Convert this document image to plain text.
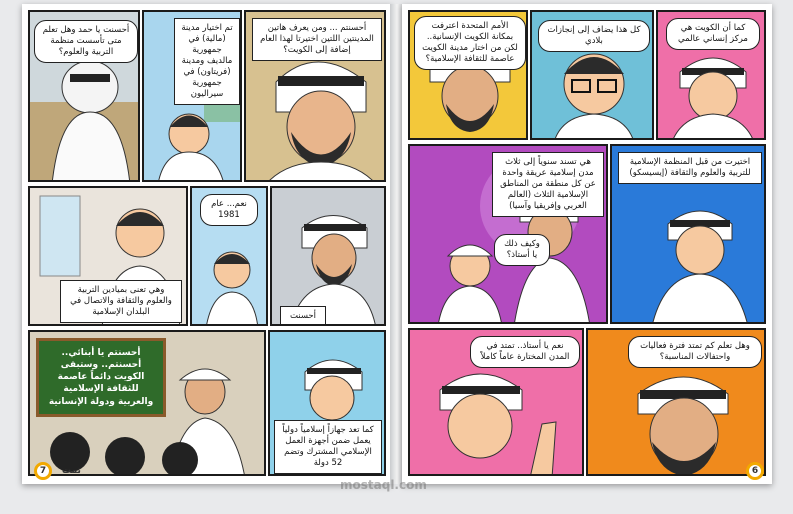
أحسنت يا حمد وهل تعلم متى تأسست منظمة التربية والعلوم؟
تم اختيار مدينة (مالية) في جمهورية مالديف ومدينة (فريتاون) في جمهورية سيراليون
أحسنتم ... ومن يعرف هاتين المدينتين اللتين اختيرتا لهذا العام إضافة إلى الكويت؟
وهي تعنى بميادين التربية والعلوم والثقافة والاتصال في البلدان الإسلامية
نعم... عام 1981
أحسنت
أحسنتم يا أبنائي.. أحسنتم.. وستبقى الكويت دائماً عاصمة للثقافة الإسلامية والعربية ودولة الإنسانية
كما تعد جهازاً إسلامياً دولياً يعمل ضمن أجهزة العمل الإسلامي المشترك وتضم 52 دولة
7	تمت
الأمم المتحدة اعترفت بمكانة الكويت الإنسانية.. لكن من اختار مدينة الكويت عاصمة للثقافة الإسلامية؟
كل هذا يضاف إلى إنجازات بلادي
كما أن الكويت هي مركز إنساني عالمي
هي تسند سنوياً إلى ثلاث مدن إسلامية عريقة واحدة عن كل منطقة من المناطق الإسلامية الثلاث (العالم العربي وإفريقيا وآسيا)
وكيف ذلك يا أستاذ؟
اختيرت من قبل المنظمة الإسلامية للتربية والعلوم والثقافة (إيسيسكو)
نعم يا أستاذ.. تمتد في المدن المختارة عاماً كاملاً
وهل تعلم كم تمتد فترة فعاليات واحتفالات المناسبة؟
6
mostaql.com
